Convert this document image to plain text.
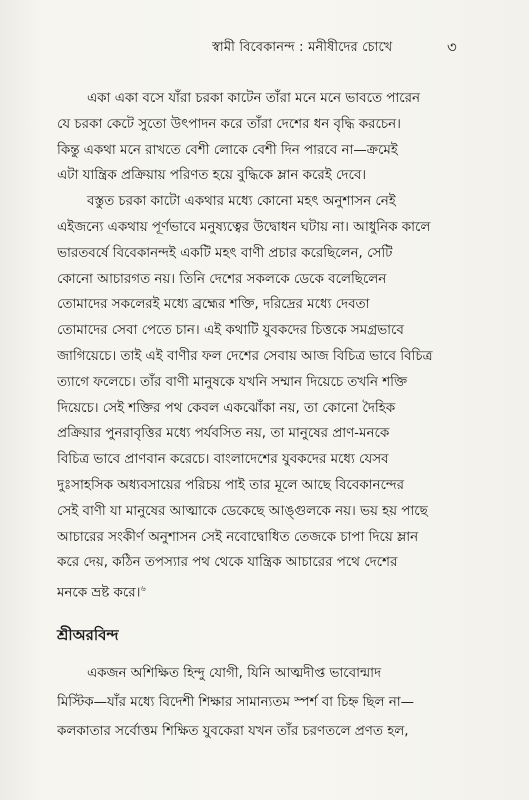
স্বামী বিবেকানন্দ : মনীষীদের চোখে	৩
একা একা বসে যাঁরা চরকা কাটেন তাঁরা মনে মনে ভাবতে পারেন
যে চরকা কেটে সুতো উৎপাদন করে তাঁরা দেশের ধন বৃদ্ধি করচেন।
কিন্তু একথা মনে রাখতে বেশী লোকে বেশী দিন পারবে না—ক্রমেই
এটা যান্ত্রিক প্রক্রিয়ায় পরিণত হয়ে বুদ্ধিকে ম্লান করেই দেবে।
বস্তুত চরকা কাটো একথার মধ্যে কোনো মহৎ অনুশাসন নেই
এইজন্যে একথায় পূর্ণভাবে মনুষ্যত্বের উদ্বোধন ঘটায় না। আধুনিক কালে
ভারতবর্ষে বিবেকানন্দই একটি মহৎ বাণী প্রচার করেছিলেন, সেটি
কোনো আচারগত নয়। তিনি দেশের সকলকে ডেকে বলেছিলেন
তোমাদের সকলেরই মধ্যে ব্রহ্মের শক্তি, দরিদ্রের মধ্যে দেবতা
তোমাদের সেবা পেতে চান। এই কথাটি যুবকদের চিত্তকে সমগ্রভাবে
জাগিয়েচে। তাই এই বাণীর ফল দেশের সেবায় আজ বিচিত্র ভাবে বিচিত্র
ত্যাগে ফলেচে। তাঁর বাণী মানুষকে যখনি সম্মান দিয়েচে তখনি শক্তি
দিয়েচে। সেই শক্তির পথ কেবল একঝোঁকা নয়, তা কোনো দৈহিক
প্রক্রিয়ার পুনরাবৃত্তির মধ্যে পর্যবসিত নয়, তা মানুষের প্রাণ-মনকে
বিচিত্র ভাবে প্রাণবান করেচে। বাংলাদেশের যুবকদের মধ্যে যেসব
দুঃসাহসিক অধ্যবসায়ের পরিচয় পাই তার মূলে আছে বিবেকানন্দের
সেই বাণী যা মানুষের আত্মাকে ডেকেছে আঙ্গুলকে নয়। ভয় হয় পাছে
আচারের সংকীর্ণ অনুশাসন সেই নবোদ্বোধিত তেজকে চাপা দিয়ে ম্লান
করে দেয়, কঠিন তপস্যার পথ থেকে যান্ত্রিক আচারের পথে দেশের
মনকে ভ্রষ্ট করে।$^৬$
শ্রীঅরবিন্দ
একজন অশিক্ষিত হিন্দু যোগী, যিনি আত্মদীপ্ত ভাবোন্মাদ
মিস্টিক—যাঁর মধ্যে বিদেশী শিক্ষার সামান্যতম স্পর্শ বা চিহ্ন ছিল না—
কলকাতার সর্বোত্তম শিক্ষিত যুবকেরা যখন তাঁর চরণতলে প্রণত হল,
